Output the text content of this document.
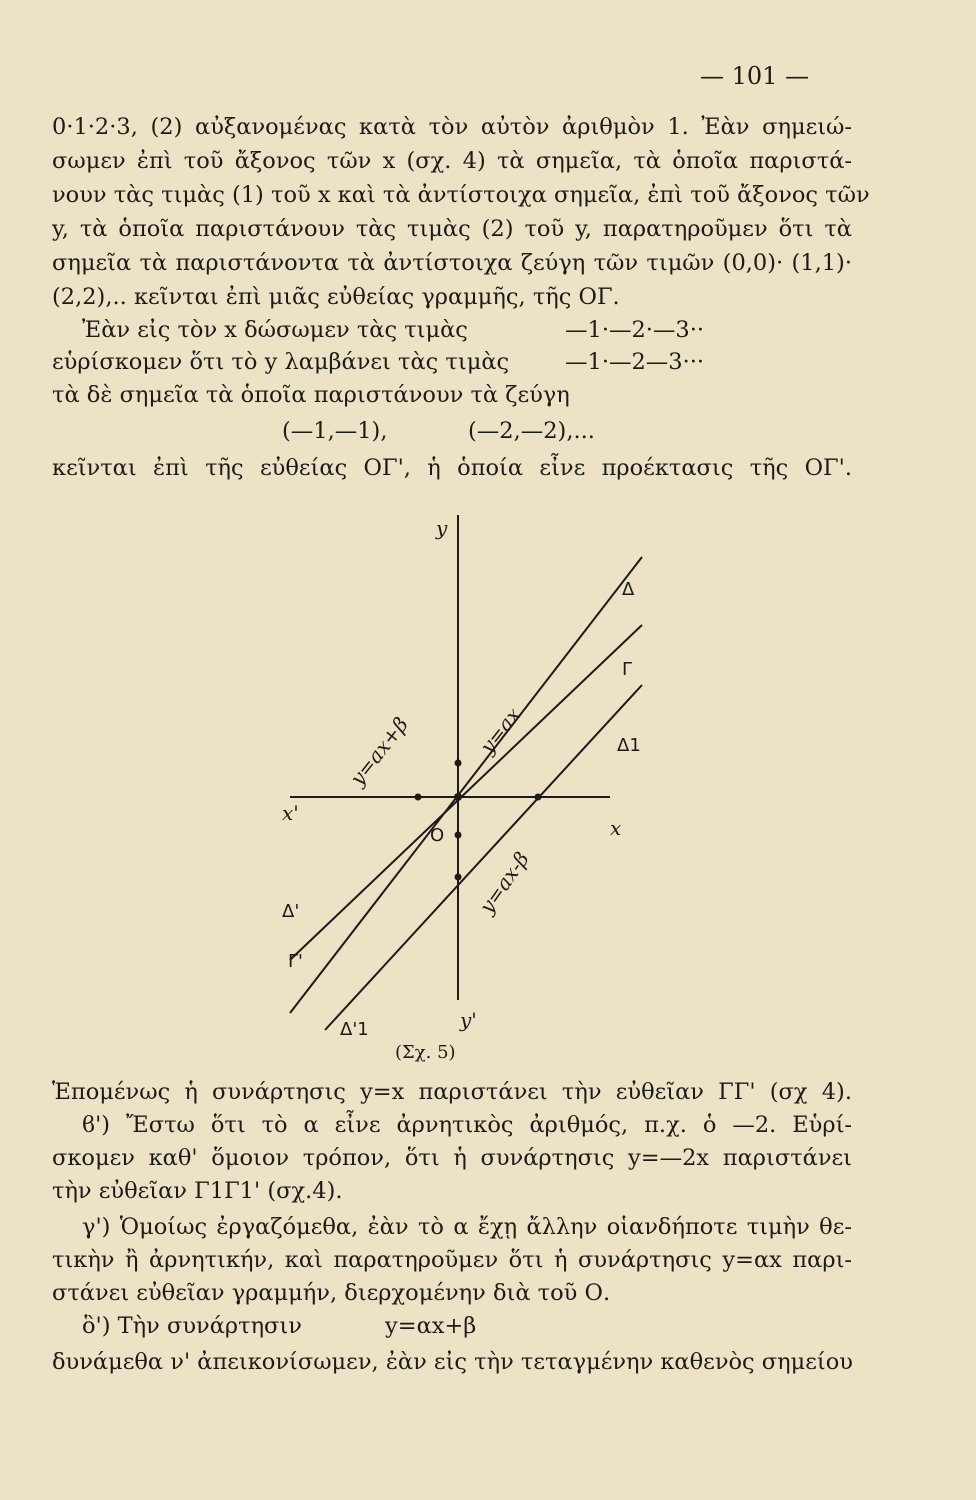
— 101 —
0·1·2·3, (2) αὐξανομένας κατὰ τὸν αὐτὸν ἀριθμὸν 1. Ἐὰν σημειώ-
σωμεν ἐπὶ τοῦ ἄξονος τῶν x (σχ. 4) τὰ σημεῖα, τὰ ὁποῖα παριστά-
νουν τὰς τιμὰς (1) τοῦ x καὶ τὰ ἀντίστοιχα σημεῖα, ἐπὶ τοῦ ἄξονος τῶν
y, τὰ ὁποῖα παριστάνουν τὰς τιμὰς (2) τοῦ y, παρατηροῦμεν ὅτι τὰ
σημεῖα τὰ παριστάνοντα τὰ ἀντίστοιχα ζεύγη τῶν τιμῶν (0,0)· (1,1)·
(2,2),.. κεῖνται ἐπὶ μιᾶς εὐθείας γραμμῆς, τῆς ΟΓ.
Ἐὰν εἰς τὸν x δώσωμεν τὰς τιμὰς	—1·—2·—3··
εὑρίσκομεν ὅτι τὸ y λαμβάνει τὰς τιμὰς —1·—2—3···
τὰ δὲ σημεῖα τὰ ὁποῖα παριστάνουν τὰ ζεύγη
(—1,—1),	(—2,—2),...
κεῖνται ἐπὶ τῆς εὐθείας ΟΓ', ἡ ὁποία εἶνε προέκτασις τῆς ΟΓ'.
y
y'
x
x'
O
Δ
Γ
Δ1
Δ'
Γ'
Δ'1
y=ax+β	y=ax
y=ax-β
(Σχ. 5)
Ἑπομένως ἡ συνάρτησις y=x παριστάνει τὴν εὐθεῖαν ΓΓ' (σχ 4).
ϐ') Ἔστω ὅτι τὸ α εἶνε ἀρνητικὸς ἀριθμός, π.χ. ὁ —2. Εὑρί-
σκομεν καθ' ὅμοιον τρόπον, ὅτι ἡ συνάρτησις y=—2x παριστάνει
τὴν εὐθεῖαν Γ1Γ1' (σχ.4).
γ') Ὁμοίως ἐργαζόμεθα, ἐὰν τὸ α ἔχῃ ἄλλην οἱανδήποτε τιμὴν θε-
τικὴν ἢ ἀρνητικήν, καὶ παρατηροῦμεν ὅτι ἡ συνάρτησις y=αx παρι-
στάνει εὐθεῖαν γραμμήν, διερχομένην διὰ τοῦ Ο.
ὃ') Τὴν συνάρτησιν	y=αx+β
δυνάμεθα ν' ἀπεικονίσωμεν, ἐὰν εἰς τὴν τεταγμένην καθενὸς σημείου
